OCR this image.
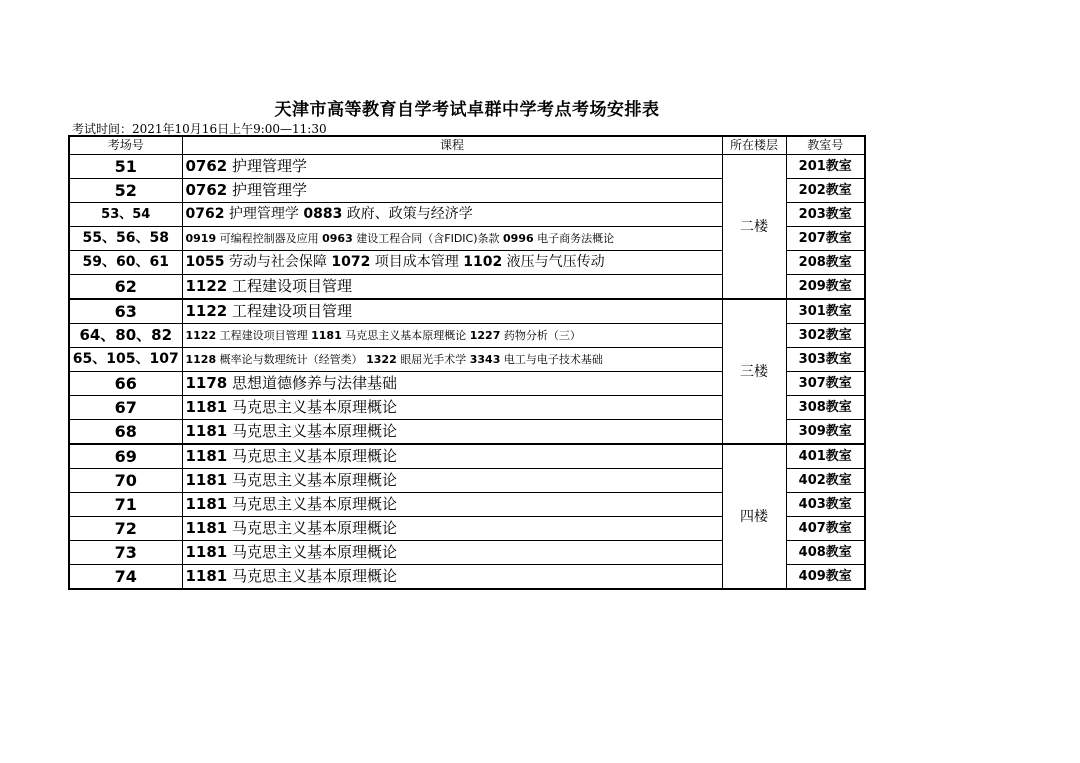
天津市高等教育自学考试卓群中学考点考场安排表
考试时间：2021年10月16日上午9:00—11:30
考场号	课程	所在楼层	教室号
51	0762 护理管理学	二楼	201教室
52	0762 护理管理学		202教室
53、54	0762 护理管理学 0883 政府、政策与经济学		203教室
55、56、58	0919 可编程控制器及应用 0963 建设工程合同（含FIDIC)条款 0996 电子商务法概论		207教室
59、60、61	1055 劳动与社会保障 1072 项目成本管理 1102 液压与气压传动		208教室
62	1122 工程建设项目管理		209教室
63	1122 工程建设项目管理	三楼	301教室
64、80、82	1122 工程建设项目管理 1181 马克思主义基本原理概论 1227 药物分析（三）		302教室
65、105、107	1128 概率论与数理统计（经管类） 1322 眼屈光手术学 3343 电工与电子技术基础		303教室
66	1178 思想道德修养与法律基础		307教室
67	1181 马克思主义基本原理概论		308教室
68	1181 马克思主义基本原理概论		309教室
69	1181 马克思主义基本原理概论	四楼	401教室
70	1181 马克思主义基本原理概论		402教室
71	1181 马克思主义基本原理概论		403教室
72	1181 马克思主义基本原理概论		407教室
73	1181 马克思主义基本原理概论		408教室
74	1181 马克思主义基本原理概论		409教室
